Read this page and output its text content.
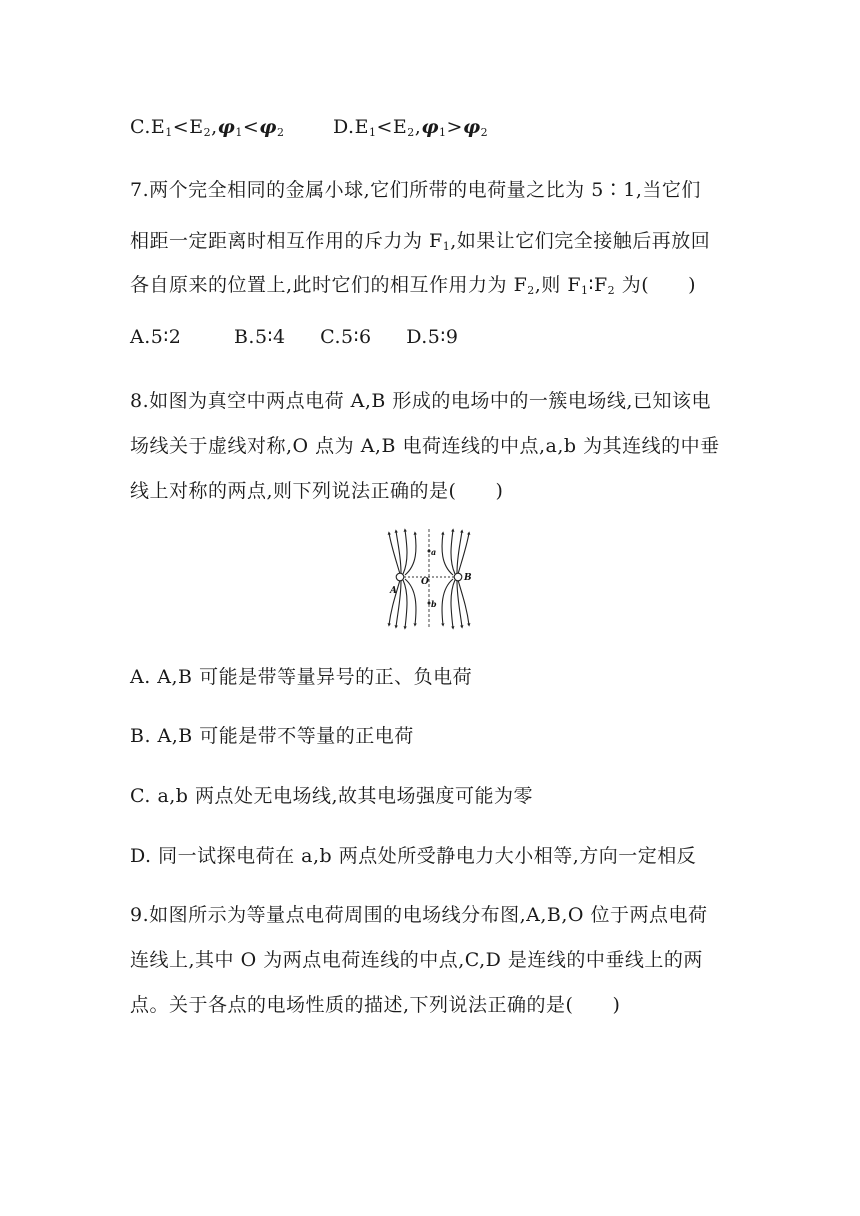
$C.E_1<E_2,\varphi_1<\varphi_2$	$D.E_1<E_2,\varphi_1>\varphi_2$
7.两个完全相同的金属小球,它们所带的电荷量之比为 5∶1,当它们
相距一定距离时相互作用的斥力为 $F_1$,如果让它们完全接触后再放回
各自原来的位置上,此时它们的相互作用力为 $F_2$,则 $F_1∶F_2$ 为(　　)
A.5∶2	B.5∶4 C.5∶6 D.5∶9
8.如图为真空中两点电荷 A,B 形成的电场中的一簇电场线,已知该电
场线关于虚线对称,O 点为 A,B 电荷连线的中点,a,b 为其连线的中垂
线上对称的两点,则下列说法正确的是(　　)
A
B
O
a
b
A. A,B 可能是带等量异号的正、负电荷
B. A,B 可能是带不等量的正电荷
C. a,b 两点处无电场线,故其电场强度可能为零
D. 同一试探电荷在 a,b 两点处所受静电力大小相等,方向一定相反
9.如图所示为等量点电荷周围的电场线分布图,A,B,O 位于两点电荷
连线上,其中 O 为两点电荷连线的中点,C,D 是连线的中垂线上的两
点。关于各点的电场性质的描述,下列说法正确的是(　　)
